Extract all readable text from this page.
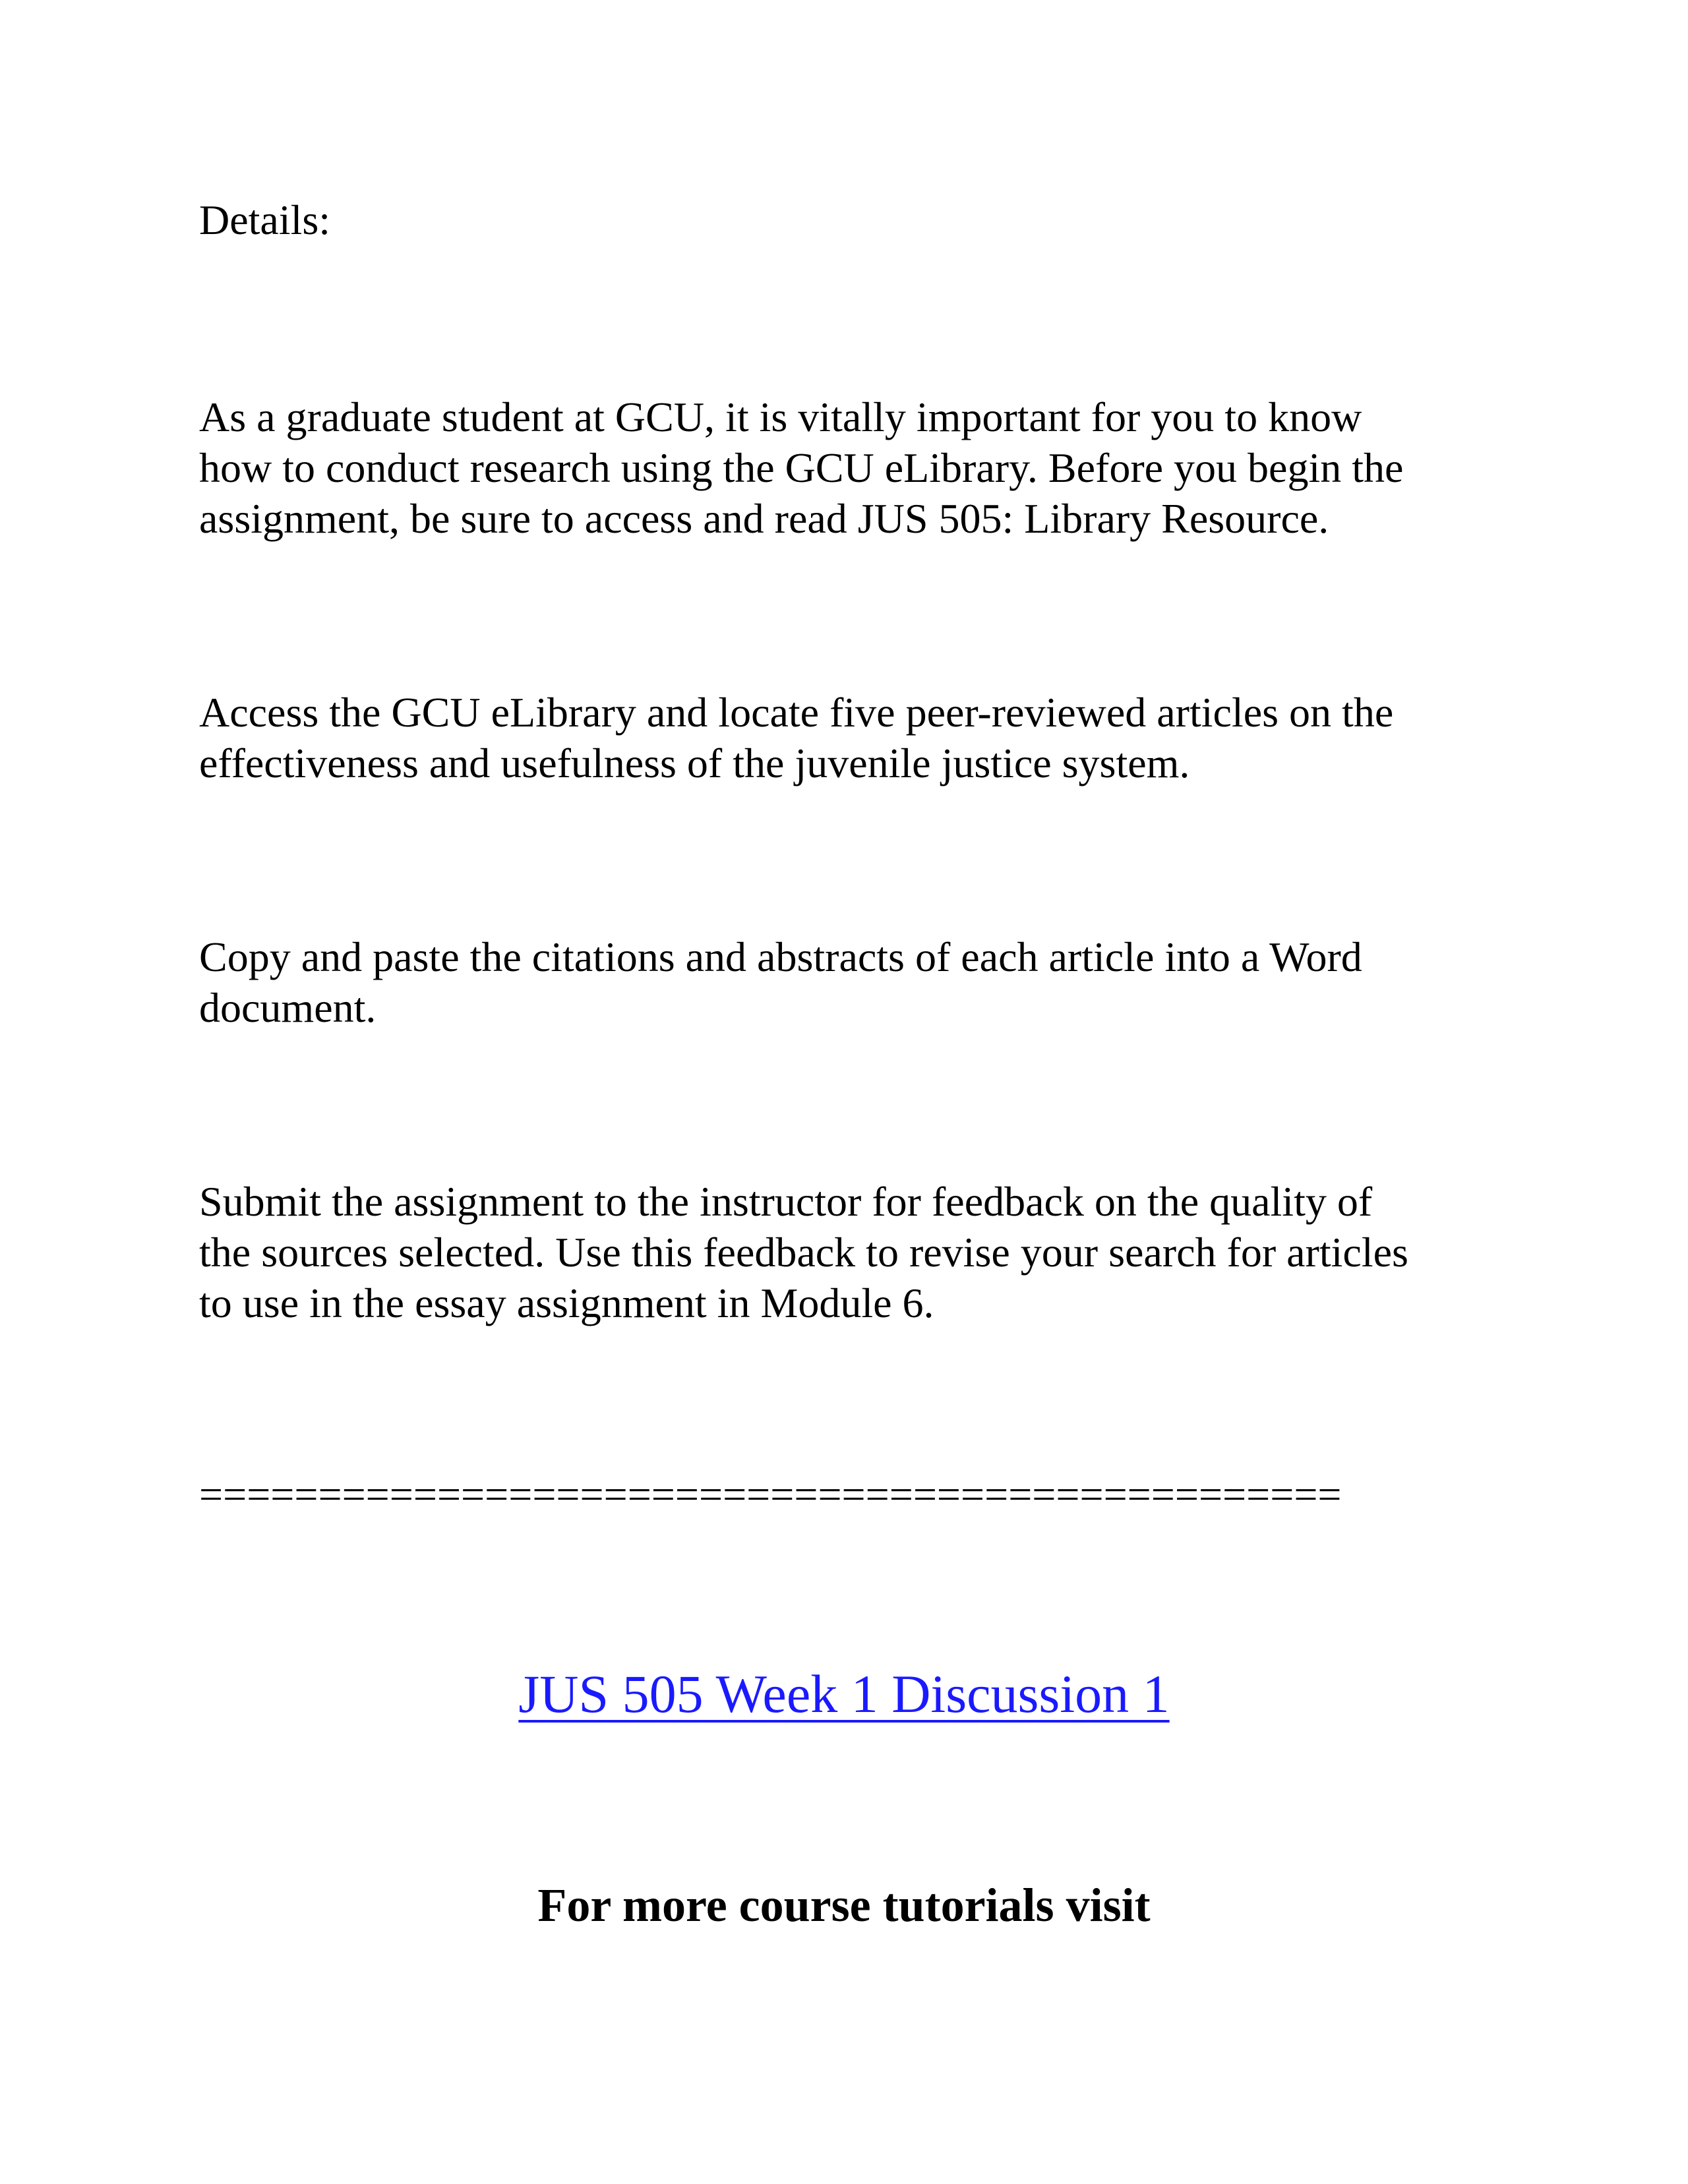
Details:

As a graduate student at GCU, it is vitally important for you to know
how to conduct research using the GCU eLibrary. Before you begin the
assignment, be sure to access and read JUS 505: Library Resource.

Access the GCU eLibrary and locate five peer-reviewed articles on the
effectiveness and usefulness of the juvenile justice system.

Copy and paste the citations and abstracts of each article into a Word
document.

Submit the assignment to the instructor for feedback on the quality of
the sources selected. Use this feedback to revise your search for articles
to use in the essay assignment in Module 6.

================================================

JUS 505 Week 1 Discussion 1
For more course tutorials visit
